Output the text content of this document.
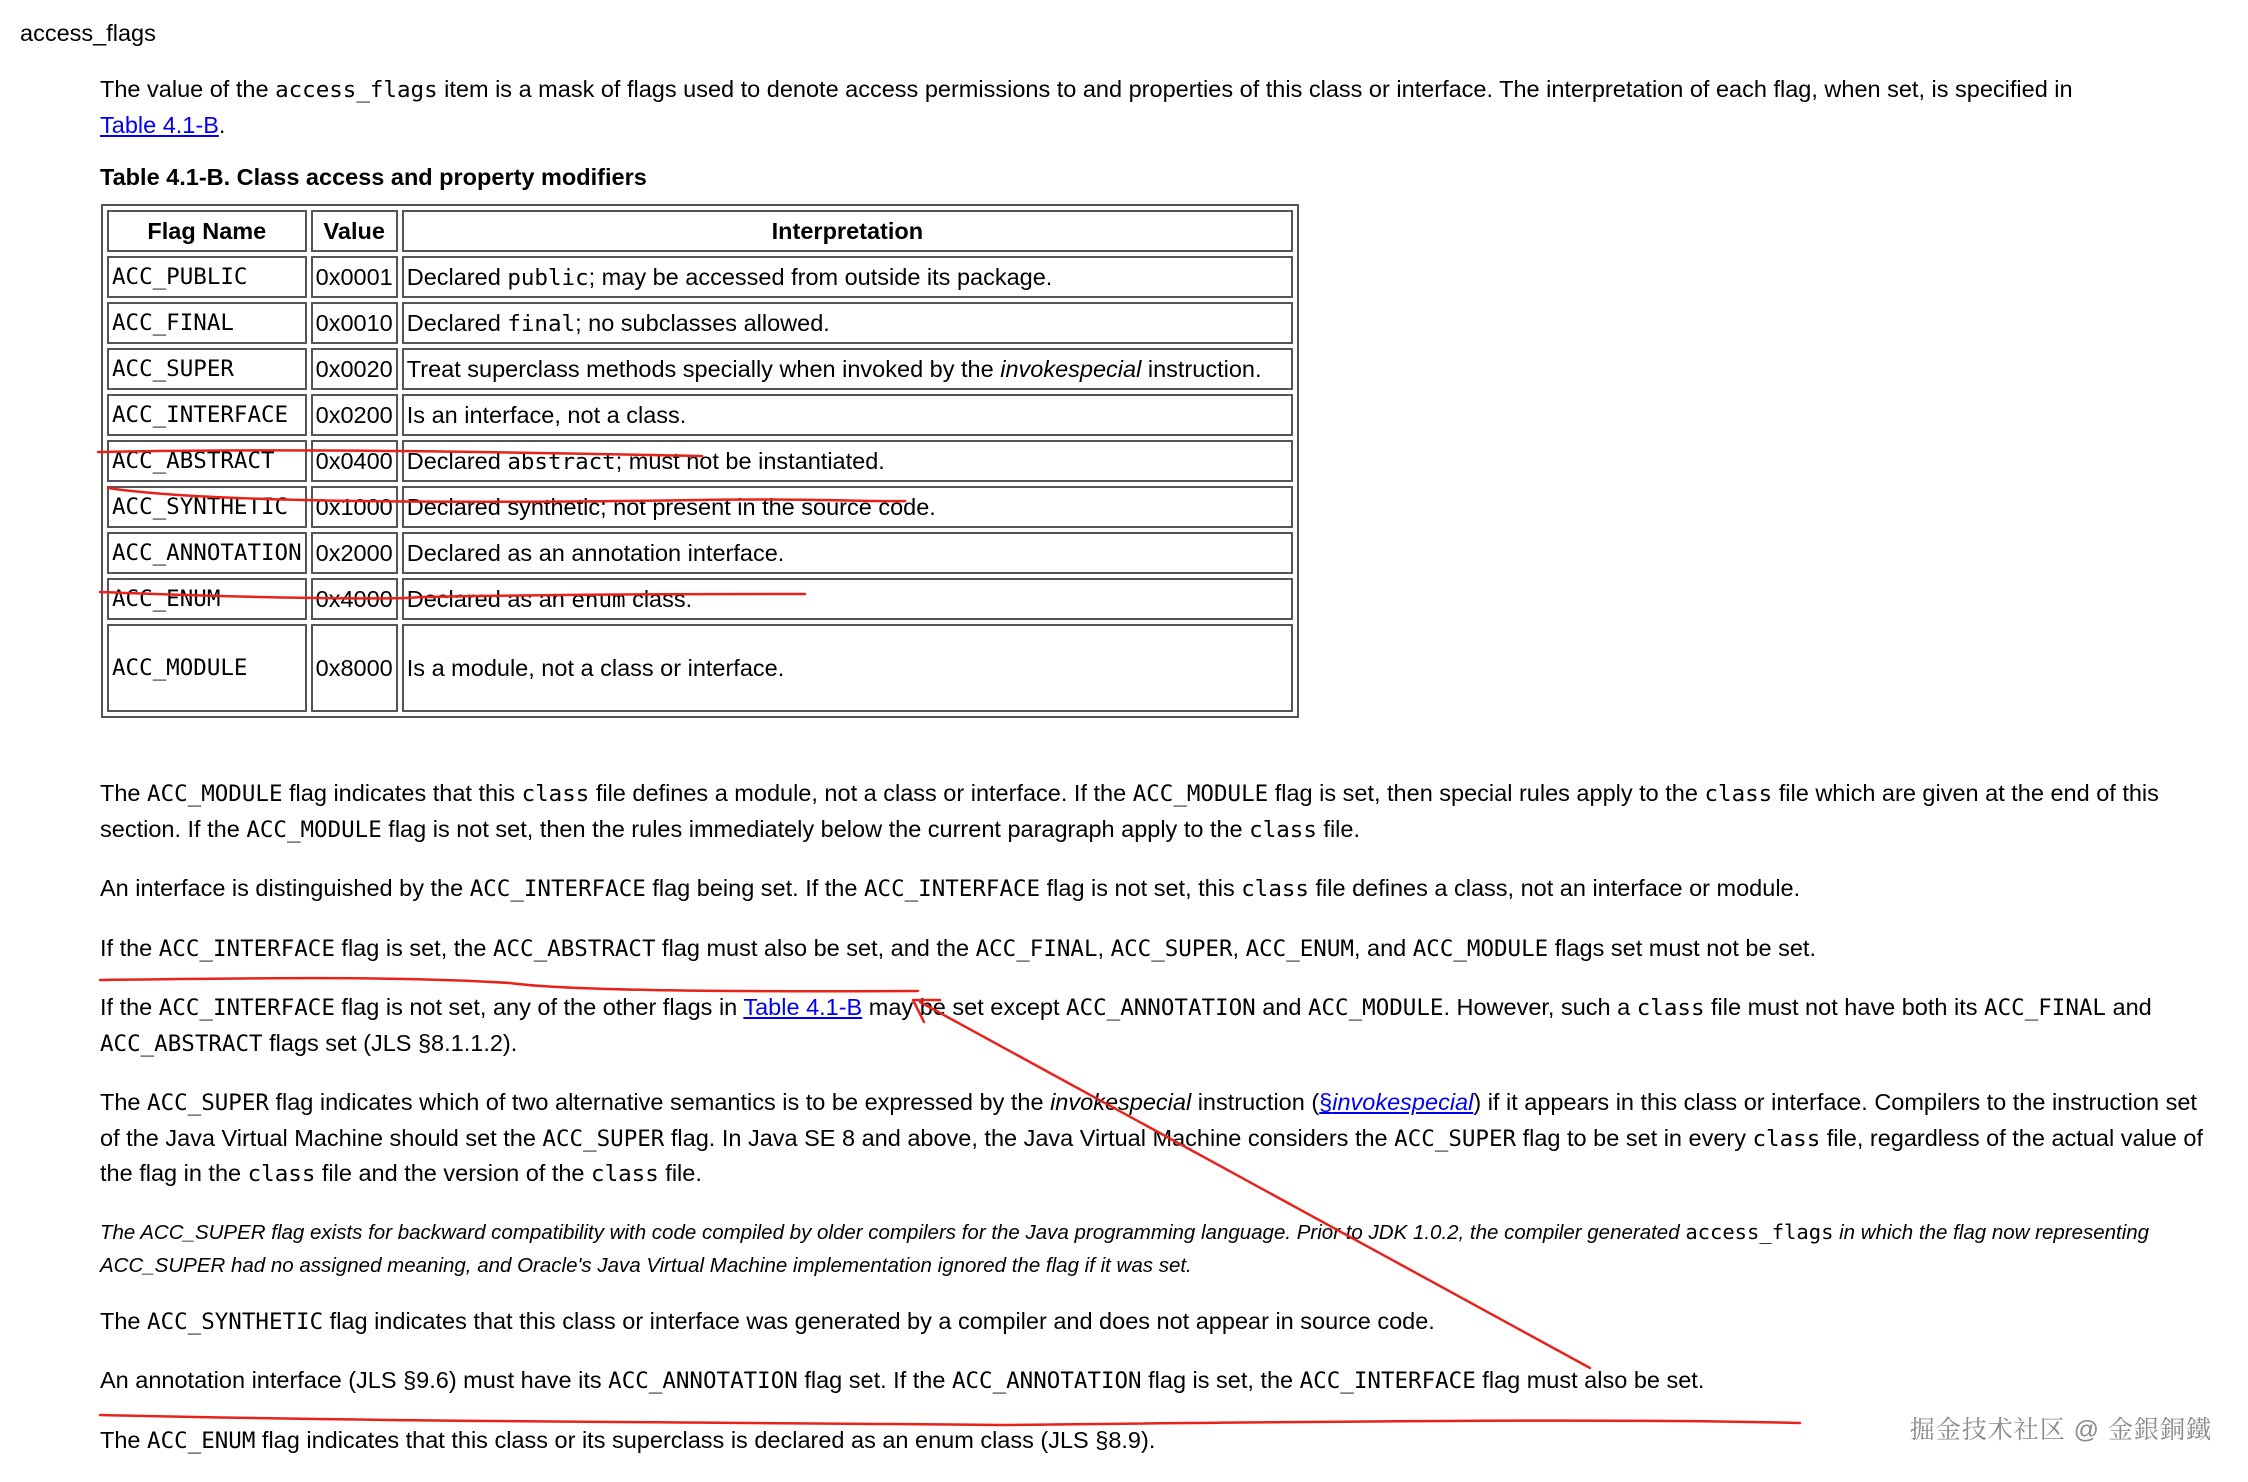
access_flags

The value of the access_flags item is a mask of flags used to denote access permissions to and properties of this class or interface. The interpretation of each flag, when set, is specified in
Table 4.1-B.

Table 4.1-B. Class access and property modifiers
Flag Name	Value	Interpretation
ACC_PUBLIC	0x0001	Declared public; may be accessed from outside its package.
ACC_FINAL	0x0010	Declared final; no subclasses allowed.
ACC_SUPER	0x0020	Treat superclass methods specially when invoked by the invokespecial instruction.
ACC_INTERFACE	0x0200	Is an interface, not a class.
ACC_ABSTRACT	0x0400	Declared abstract; must not be instantiated.
ACC_SYNTHETIC	0x1000	Declared synthetic; not present in the source code.
ACC_ANNOTATION	0x2000	Declared as an annotation interface.
ACC_ENUM	0x4000	Declared as an enum class.
ACC_MODULE	0x8000	Is a module, not a class or interface.

The ACC_MODULE flag indicates that this class file defines a module, not a class or interface. If the ACC_MODULE flag is set, then special rules apply to the class file which are given at the end of this section. If the ACC_MODULE flag is not set, then the rules immediately below the current paragraph apply to the class file.

An interface is distinguished by the ACC_INTERFACE flag being set. If the ACC_INTERFACE flag is not set, this class file defines a class, not an interface or module.

If the ACC_INTERFACE flag is set, the ACC_ABSTRACT flag must also be set, and the ACC_FINAL, ACC_SUPER, ACC_ENUM, and ACC_MODULE flags set must not be set.

If the ACC_INTERFACE flag is not set, any of the other flags in Table 4.1-B may be set except ACC_ANNOTATION and ACC_MODULE. However, such a class file must not have both its ACC_FINAL and ACC_ABSTRACT flags set (JLS §8.1.1.2).

The ACC_SUPER flag indicates which of two alternative semantics is to be expressed by the invokespecial instruction (§invokespecial) if it appears in this class or interface. Compilers to the instruction set of the Java Virtual Machine should set the ACC_SUPER flag. In Java SE 8 and above, the Java Virtual Machine considers the ACC_SUPER flag to be set in every class file, regardless of the actual value of the flag in the class file and the version of the class file.

The ACC_SUPER flag exists for backward compatibility with code compiled by older compilers for the Java programming language. Prior to JDK 1.0.2, the compiler generated access_flags in which the flag now representing ACC_SUPER had no assigned meaning, and Oracle's Java Virtual Machine implementation ignored the flag if it was set.

The ACC_SYNTHETIC flag indicates that this class or interface was generated by a compiler and does not appear in source code.

An annotation interface (JLS §9.6) must have its ACC_ANNOTATION flag set. If the ACC_ANNOTATION flag is set, the ACC_INTERFACE flag must also be set.

The ACC_ENUM flag indicates that this class or its superclass is declared as an enum class (JLS §8.9).	掘金技术社区 @ 金銀銅鐵
